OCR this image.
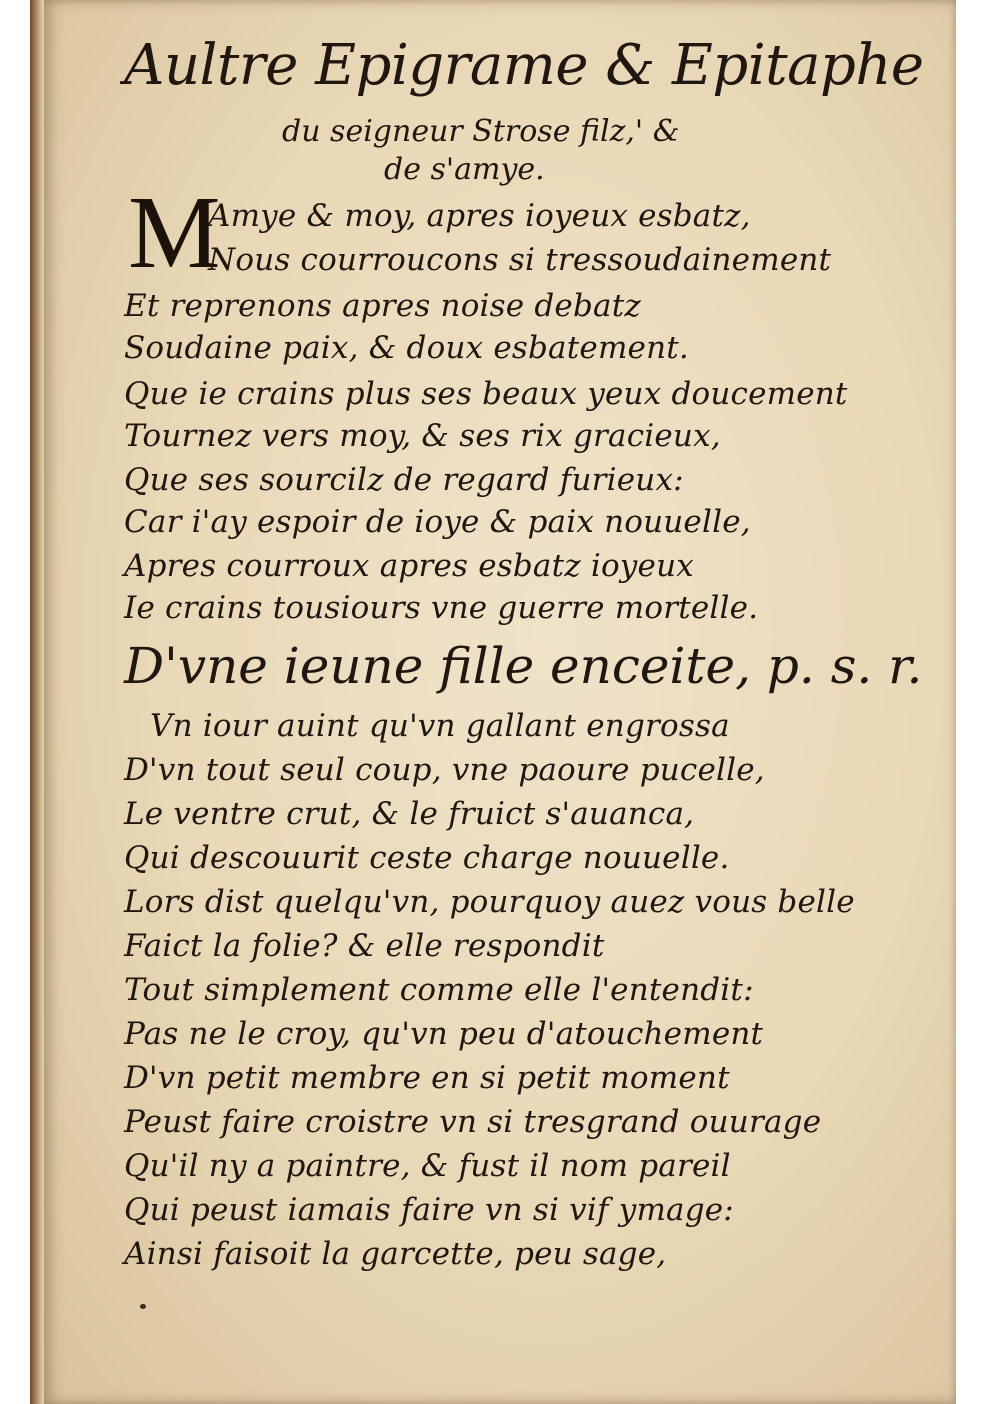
Aultre Epigrame & Epitaphe
du seigneur Strose filz,' &
de s'amye.
M
Amye & moy, apres ioyeux esbatz,
Nous courroucons si tressoudainement
Et reprenons apres noise debatz
Soudaine paix, & doux esbatement.
Que ie crains plus ses beaux yeux doucement
Tournez vers moy, & ses rix gracieux,
Que ses sourcilz de regard furieux:
Car i'ay espoir de ioye & paix nouuelle,
Apres courroux apres esbatz ioyeux
Ie crains tousiours vne guerre mortelle.
D'vne ieune fille enceite, p. s. r.
Vn iour auint qu'vn gallant engrossa
D'vn tout seul coup, vne paoure pucelle,
Le ventre crut, & le fruict s'auanca,
Qui descouurit ceste charge nouuelle.
Lors dist quelqu'vn, pourquoy auez vous belle
Faict la folie? & elle respondit
Tout simplement comme elle l'entendit:
Pas ne le croy, qu'vn peu d'atouchement
D'vn petit membre en si petit moment
Peust faire croistre vn si tresgrand ouurage
Qu'il ny a paintre, & fust il nom pareil
Qui peust iamais faire vn si vif ymage:
Ainsi faisoit la garcette, peu sage,
